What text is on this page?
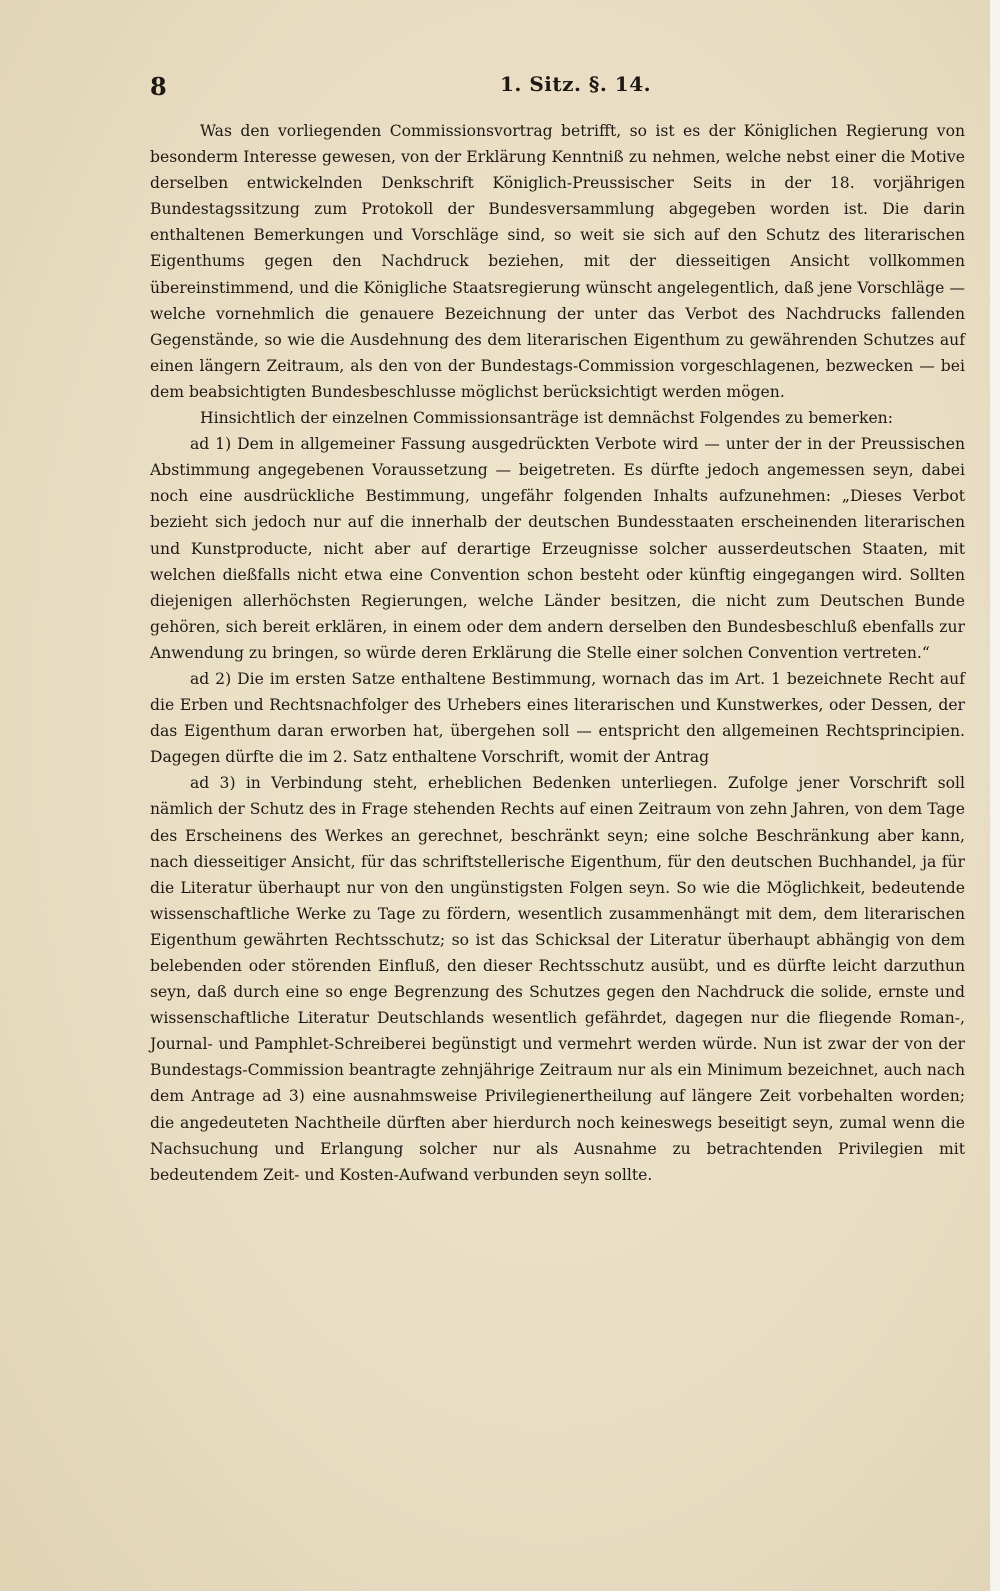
8	1. Sitz. §. 14.

Was den vorliegenden Commissionsvortrag betrifft, so ist es der Königlichen Regierung von besonderm Interesse gewesen, von der Erklärung Kenntniß zu nehmen, welche nebst einer die Motive derselben entwickelnden Denkschrift Königlich-Preussischer Seits in der 18. vorjährigen Bundestagssitzung zum Protokoll der Bundesversammlung abgegeben worden ist. Die darin enthaltenen Bemerkungen und Vorschläge sind, so weit sie sich auf den Schutz des literarischen Eigenthums gegen den Nachdruck beziehen, mit der diesseitigen Ansicht vollkommen übereinstimmend, und die Königliche Staatsregierung wünscht angelegentlich, daß jene Vorschläge — welche vornehmlich die genauere Bezeichnung der unter das Verbot des Nachdrucks fallenden Gegenstände, so wie die Ausdehnung des dem literarischen Eigenthum zu gewährenden Schutzes auf einen längern Zeitraum, als den von der Bundestags-Commission vorgeschlagenen, bezwecken — bei dem beabsichtigten Bundesbeschlusse möglichst berücksichtigt werden mögen.

Hinsichtlich der einzelnen Commissionsanträge ist demnächst Folgendes zu bemerken:

ad 1) Dem in allgemeiner Fassung ausgedrückten Verbote wird — unter der in der Preussischen Abstimmung angegebenen Voraussetzung — beigetreten. Es dürfte jedoch angemessen seyn, dabei noch eine ausdrückliche Bestimmung, ungefähr folgenden Inhalts aufzunehmen: „Dieses Verbot bezieht sich jedoch nur auf die innerhalb der deutschen Bundesstaaten erscheinenden literarischen und Kunstproducte, nicht aber auf derartige Erzeugnisse solcher ausserdeutschen Staaten, mit welchen dießfalls nicht etwa eine Convention schon besteht oder künftig eingegangen wird. Sollten diejenigen allerhöchsten Regierungen, welche Länder besitzen, die nicht zum Deutschen Bunde gehören, sich bereit erklären, in einem oder dem andern derselben den Bundesbeschluß ebenfalls zur Anwendung zu bringen, so würde deren Erklärung die Stelle einer solchen Convention vertreten.“

ad 2) Die im ersten Satze enthaltene Bestimmung, wornach das im Art. 1 bezeichnete Recht auf die Erben und Rechtsnachfolger des Urhebers eines literarischen und Kunstwerkes, oder Dessen, der das Eigenthum daran erworben hat, übergehen soll — entspricht den allgemeinen Rechtsprincipien. Dagegen dürfte die im 2. Satz enthaltene Vorschrift, womit der Antrag

ad 3) in Verbindung steht, erheblichen Bedenken unterliegen. Zufolge jener Vorschrift soll nämlich der Schutz des in Frage stehenden Rechts auf einen Zeitraum von zehn Jahren, von dem Tage des Erscheinens des Werkes an gerechnet, beschränkt seyn; eine solche Beschränkung aber kann, nach diesseitiger Ansicht, für das schriftstellerische Eigenthum, für den deutschen Buchhandel, ja für die Literatur überhaupt nur von den ungünstigsten Folgen seyn. So wie die Möglichkeit, bedeutende wissenschaftliche Werke zu Tage zu fördern, wesentlich zusammenhängt mit dem, dem literarischen Eigenthum gewährten Rechtsschutz; so ist das Schicksal der Literatur überhaupt abhängig von dem belebenden oder störenden Einfluß, den dieser Rechtsschutz ausübt, und es dürfte leicht darzuthun seyn, daß durch eine so enge Begrenzung des Schutzes gegen den Nachdruck die solide, ernste und wissenschaftliche Literatur Deutschlands wesentlich gefährdet, dagegen nur die fliegende Roman-, Journal- und Pamphlet-Schreiberei begünstigt und vermehrt werden würde. Nun ist zwar der von der Bundestags-Commission beantragte zehnjährige Zeitraum nur als ein Minimum bezeichnet, auch nach dem Antrage ad 3) eine ausnahmsweise Privilegienertheilung auf längere Zeit vorbehalten worden; die angedeuteten Nachtheile dürften aber hierdurch noch keineswegs beseitigt seyn, zumal wenn die Nachsuchung und Erlangung solcher nur als Ausnahme zu betrachtenden Privilegien mit bedeutendem Zeit- und Kosten-Aufwand verbunden seyn sollte.
